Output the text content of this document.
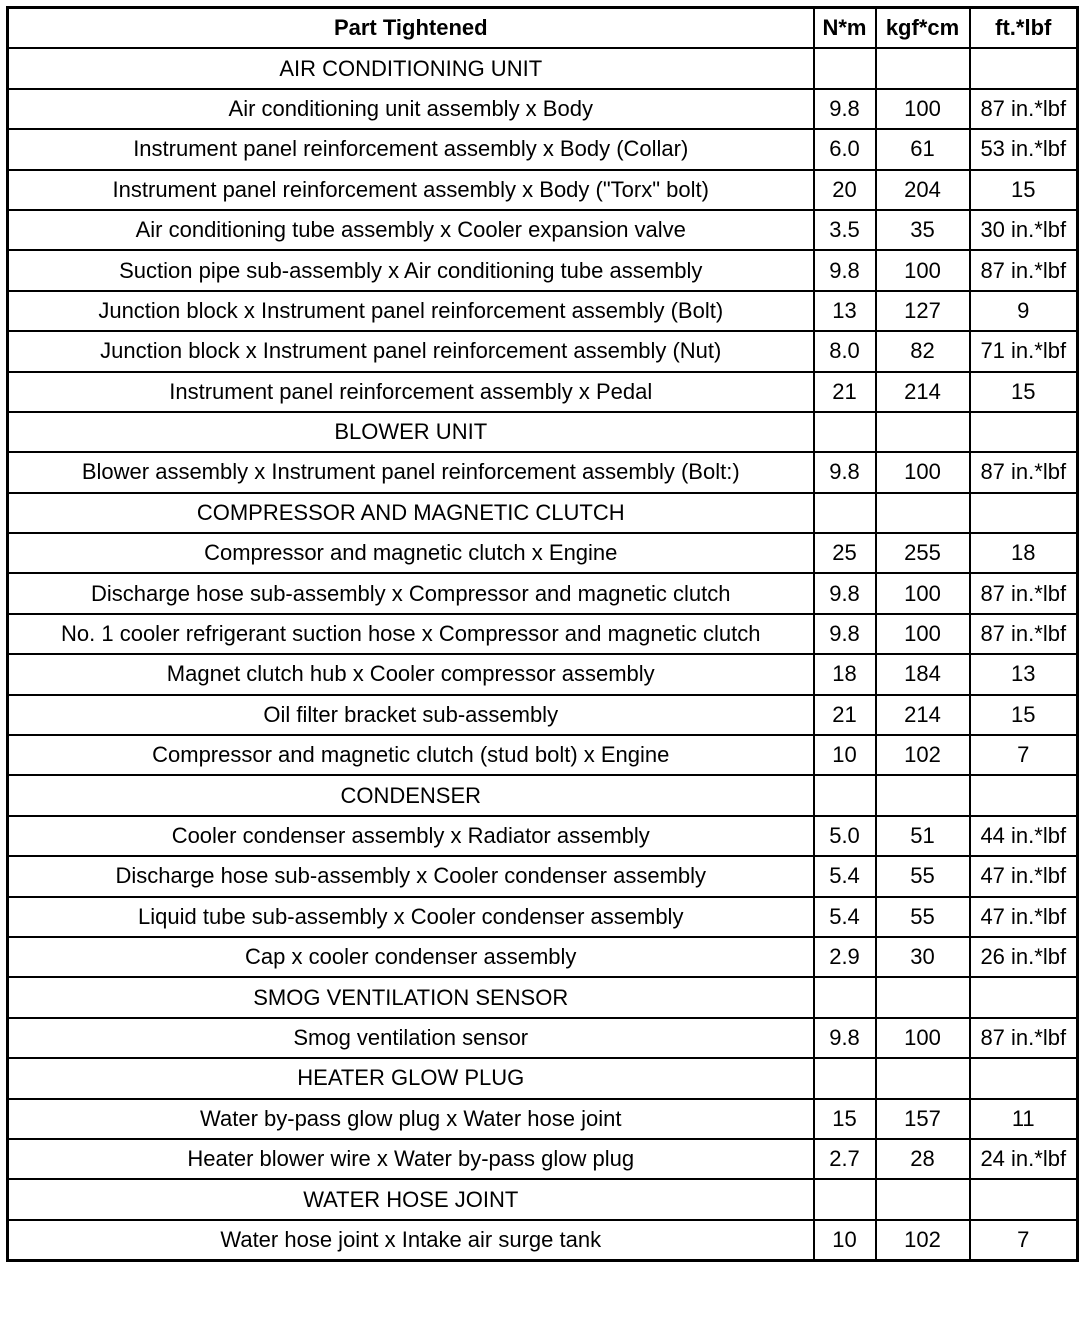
Part Tightened	N*m	kgf*cm	ft.*lbf
AIR CONDITIONING UNIT			
Air conditioning unit assembly x Body	9.8	100	87 in.*lbf
Instrument panel reinforcement assembly x Body (Collar)	6.0	61	53 in.*lbf
Instrument panel reinforcement assembly x Body ("Torx" bolt)	20	204	15
Air conditioning tube assembly x Cooler expansion valve	3.5	35	30 in.*lbf
Suction pipe sub-assembly x Air conditioning tube assembly	9.8	100	87 in.*lbf
Junction block x Instrument panel reinforcement assembly (Bolt)	13	127	9
Junction block x Instrument panel reinforcement assembly (Nut)	8.0	82	71 in.*lbf
Instrument panel reinforcement assembly x Pedal	21	214	15
BLOWER UNIT			
Blower assembly x Instrument panel reinforcement assembly (Bolt:)	9.8	100	87 in.*lbf
COMPRESSOR AND MAGNETIC CLUTCH			
Compressor and magnetic clutch x Engine	25	255	18
Discharge hose sub-assembly x Compressor and magnetic clutch	9.8	100	87 in.*lbf
No. 1 cooler refrigerant suction hose x Compressor and magnetic clutch	9.8	100	87 in.*lbf
Magnet clutch hub x Cooler compressor assembly	18	184	13
Oil filter bracket sub-assembly	21	214	15
Compressor and magnetic clutch (stud bolt) x Engine	10	102	7
CONDENSER			
Cooler condenser assembly x Radiator assembly	5.0	51	44 in.*lbf
Discharge hose sub-assembly x Cooler condenser assembly	5.4	55	47 in.*lbf
Liquid tube sub-assembly x Cooler condenser assembly	5.4	55	47 in.*lbf
Cap x cooler condenser assembly	2.9	30	26 in.*lbf
SMOG VENTILATION SENSOR			
Smog ventilation sensor	9.8	100	87 in.*lbf
HEATER GLOW PLUG			
Water by-pass glow plug x Water hose joint	15	157	11
Heater blower wire x Water by-pass glow plug	2.7	28	24 in.*lbf
WATER HOSE JOINT			
Water hose joint x Intake air surge tank	10	102	7
